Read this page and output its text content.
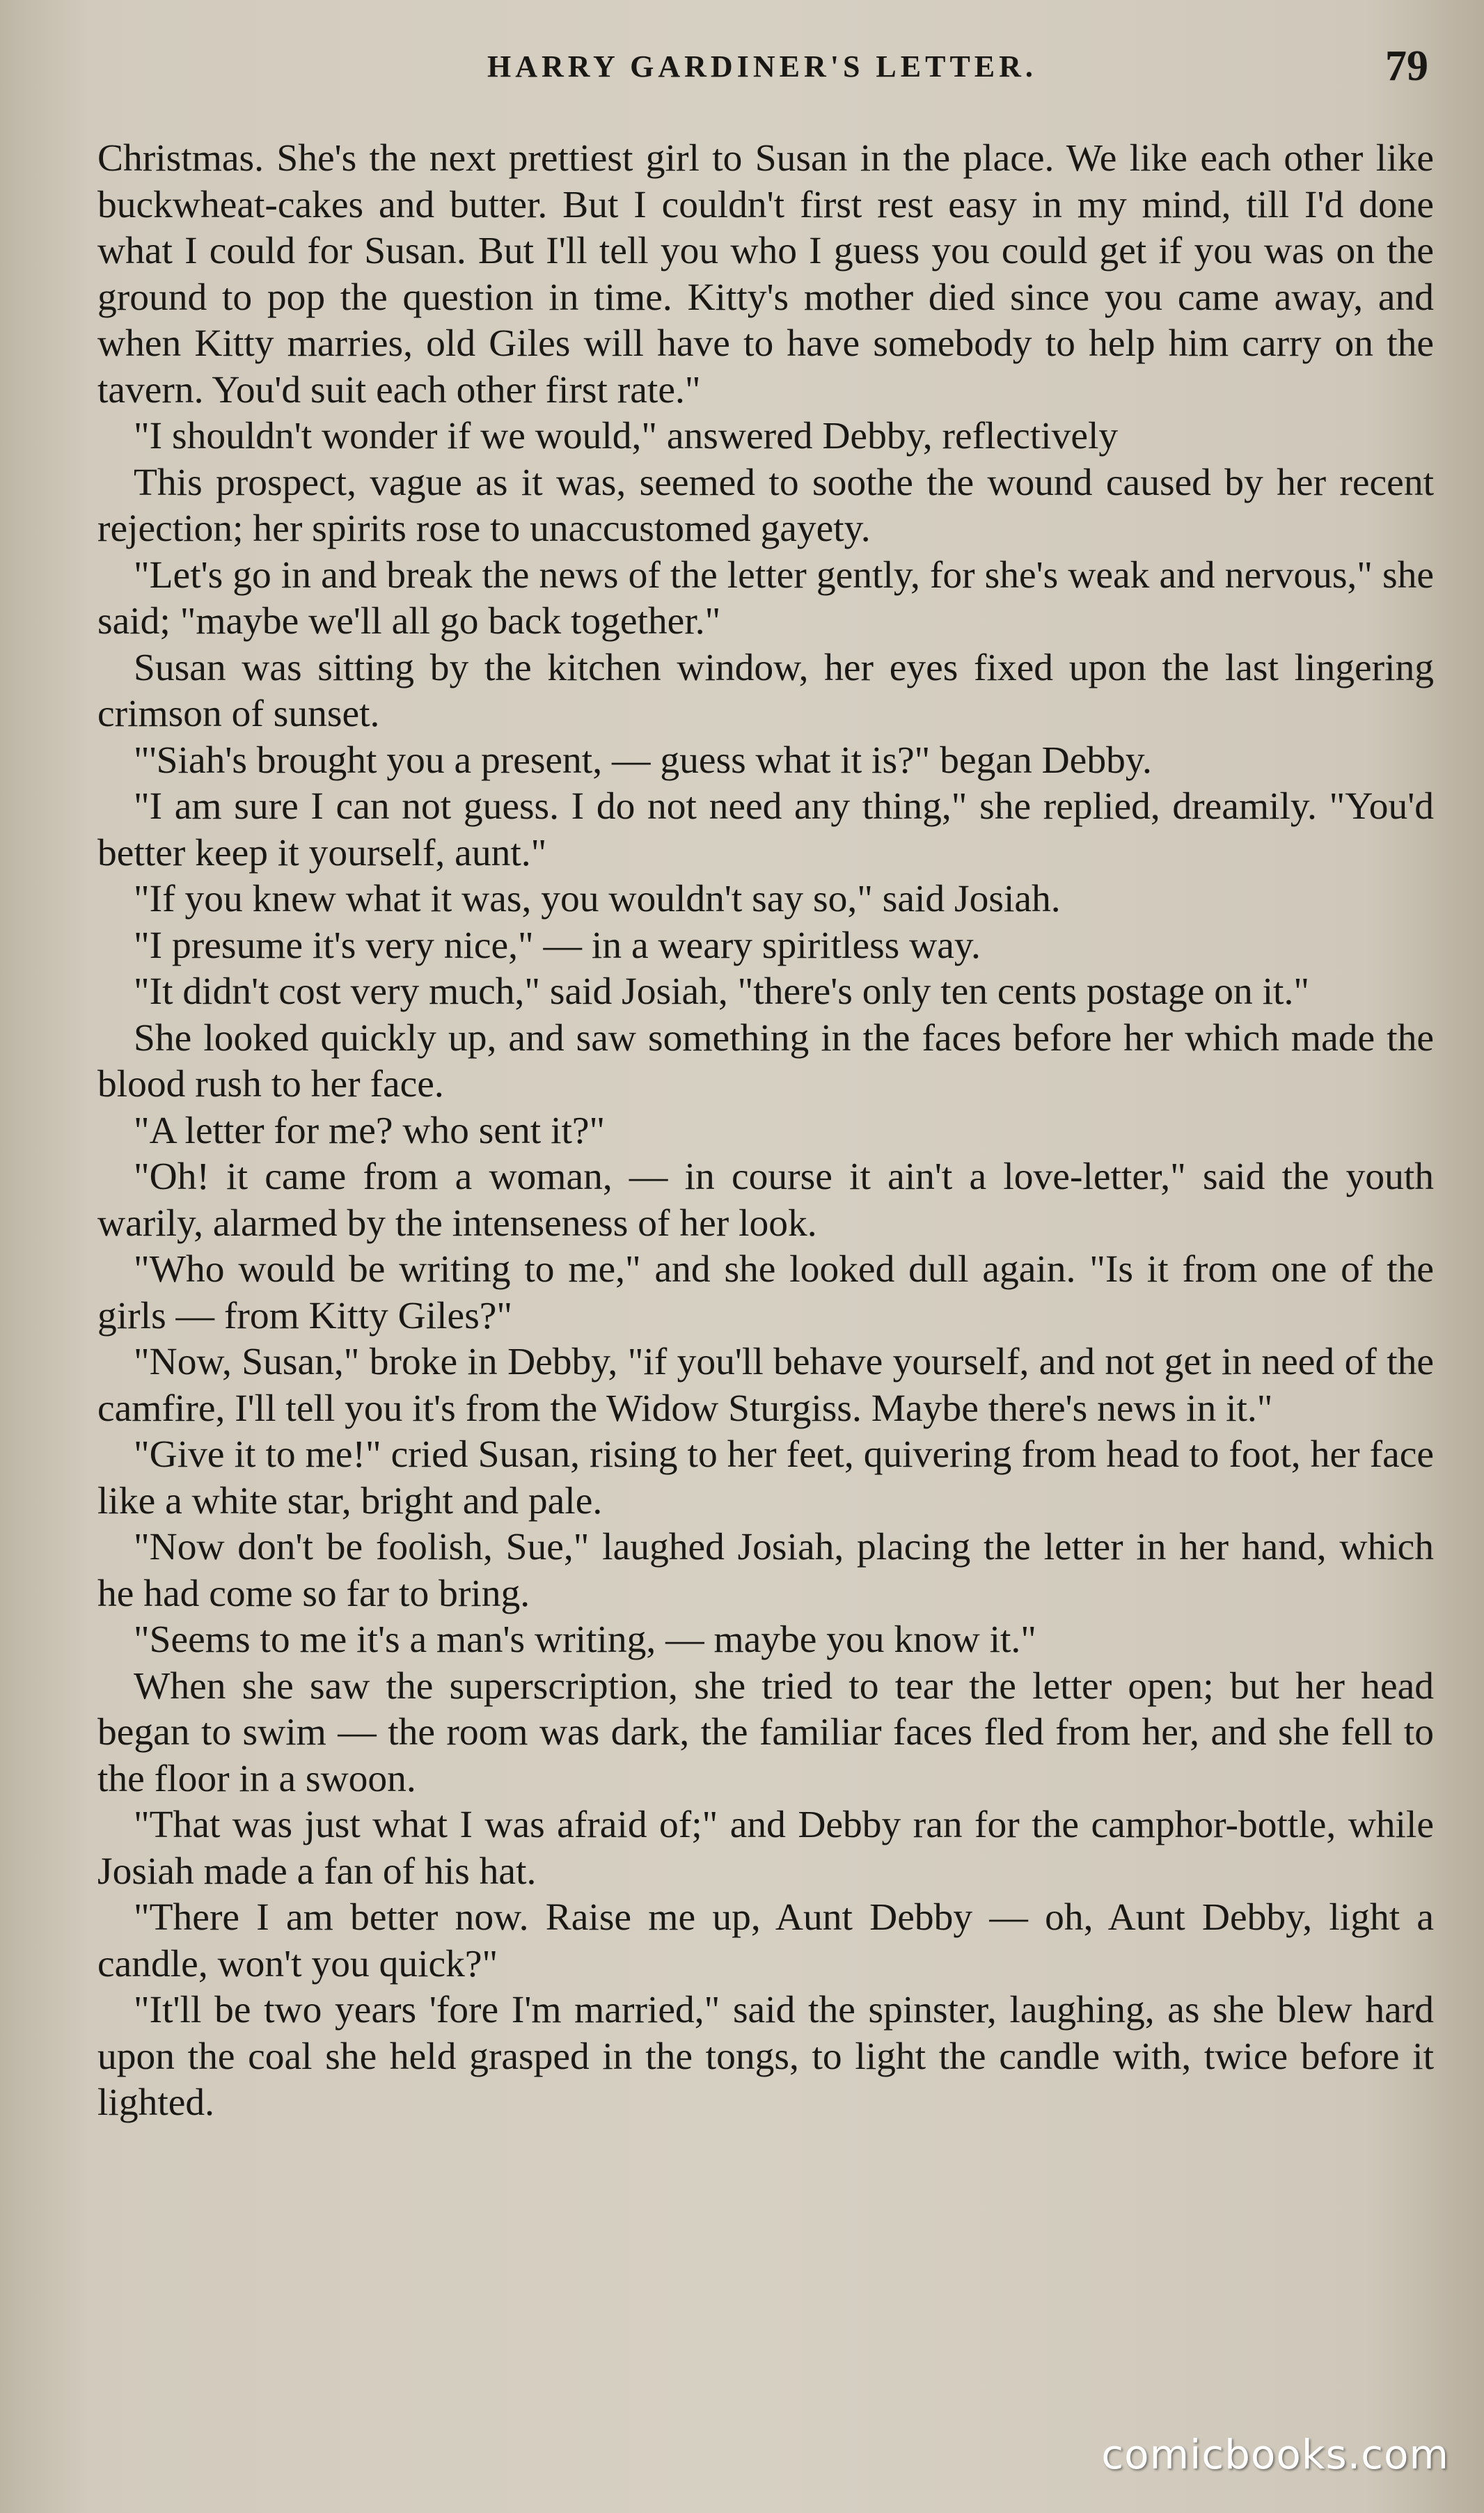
HARRY GARDINER'S LETTER.	79

Christmas. She's the next prettiest girl to Susan in the place. We like each other like buckwheat-cakes and butter. But I couldn't first rest easy in my mind, till I'd done what I could for Susan. But I'll tell you who I guess you could get if you was on the ground to pop the question in time. Kitty's mother died since you came away, and when Kitty marries, old Giles will have to have somebody to help him carry on the tavern. You'd suit each other first rate."

"I shouldn't wonder if we would," answered Debby, reflectively

This prospect, vague as it was, seemed to soothe the wound caused by her recent rejection; her spirits rose to unaccustomed gayety.

"Let's go in and break the news of the letter gently, for she's weak and nervous," she said; "maybe we'll all go back together."

Susan was sitting by the kitchen window, her eyes fixed upon the last lingering crimson of sunset.

"'Siah's brought you a present, — guess what it is?" began Debby.

"I am sure I can not guess. I do not need any thing," she replied, dreamily. "You'd better keep it yourself, aunt."

"If you knew what it was, you wouldn't say so," said Josiah.

"I presume it's very nice," — in a weary spiritless way.

"It didn't cost very much," said Josiah, "there's only ten cents postage on it."

She looked quickly up, and saw something in the faces before her which made the blood rush to her face.

"A letter for me? who sent it?"

"Oh! it came from a woman, — in course it ain't a love-letter," said the youth warily, alarmed by the intenseness of her look.

"Who would be writing to me," and she looked dull again. "Is it from one of the girls — from Kitty Giles?"

"Now, Susan," broke in Debby, "if you'll behave yourself, and not get in need of the camfire, I'll tell you it's from the Widow Sturgiss. Maybe there's news in it."

"Give it to me!" cried Susan, rising to her feet, quivering from head to foot, her face like a white star, bright and pale.

"Now don't be foolish, Sue," laughed Josiah, placing the letter in her hand, which he had come so far to bring.

"Seems to me it's a man's writing, — maybe you know it."

When she saw the superscription, she tried to tear the letter open; but her head began to swim — the room was dark, the familiar faces fled from her, and she fell to the floor in a swoon.

"That was just what I was afraid of;" and Debby ran for the camphor-bottle, while Josiah made a fan of his hat.

"There I am better now. Raise me up, Aunt Debby — oh, Aunt Debby, light a candle, won't you quick?"

"It'll be two years 'fore I'm married," said the spinster, laughing, as she blew hard upon the coal she held grasped in the tongs, to light the candle with, twice before it lighted.

comicbooks.com
